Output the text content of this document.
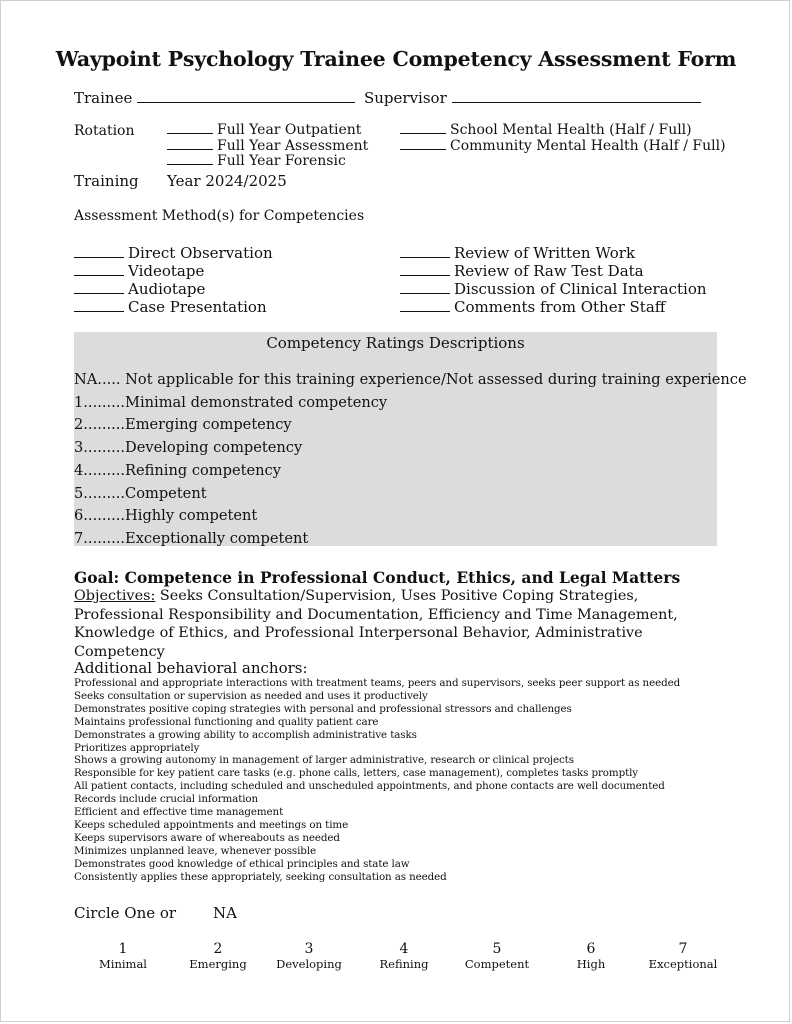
Waypoint Psychology Trainee Competency Assessment Form
Trainee	Supervisor
Rotation	Full Year Outpatient
Full Year Assessment
Full Year Forensic
School Mental Health (Half / Full)
Community Mental Health (Half / Full)
Training Year 2024/2025
Assessment Method(s) for Competencies
Direct Observation
Videotape
Audiotape
Case Presentation
Review of Written Work
Review of Raw Test Data
Discussion of Clinical Interaction
Comments from Other Staff
Competency Ratings Descriptions
NA..... Not applicable for this training experience/Not assessed during training experience
1.........Minimal demonstrated competency
2.........Emerging competency
3.........Developing competency
4.........Refining competency
5.........Competent
6.........Highly competent
7.........Exceptionally competent
Goal: Competence in Professional Conduct, Ethics, and Legal Matters
Objectives: Seeks Consultation/Supervision, Uses Positive Coping Strategies, Professional Responsibility and Documentation, Efficiency and Time Management, Knowledge of Ethics, and Professional Interpersonal Behavior, Administrative Competency
Additional behavioral anchors:
Professional and appropriate interactions with treatment teams, peers and supervisors, seeks peer support as needed
Seeks consultation or supervision as needed and uses it productively
Demonstrates positive coping strategies with personal and professional stressors and challenges
Maintains professional functioning and quality patient care
Demonstrates a growing ability to accomplish administrative tasks
Prioritizes appropriately
Shows a growing autonomy in management of larger administrative, research or clinical projects
Responsible for key patient care tasks (e.g. phone calls, letters, case management), completes tasks promptly
All patient contacts, including scheduled and unscheduled appointments, and phone contacts are well documented
Records include crucial information
Efficient and effective time management
Keeps scheduled appointments and meetings on time
Keeps supervisors aware of whereabouts as needed
Minimizes unplanned leave, whenever possible
Demonstrates good knowledge of ethical principles and state law
Consistently applies these appropriately, seeking consultation as needed
Circle One or NA
1
Minimal
2
Emerging
3
Developing
4
Refining
5
Competent
6
High
7
Exceptional
